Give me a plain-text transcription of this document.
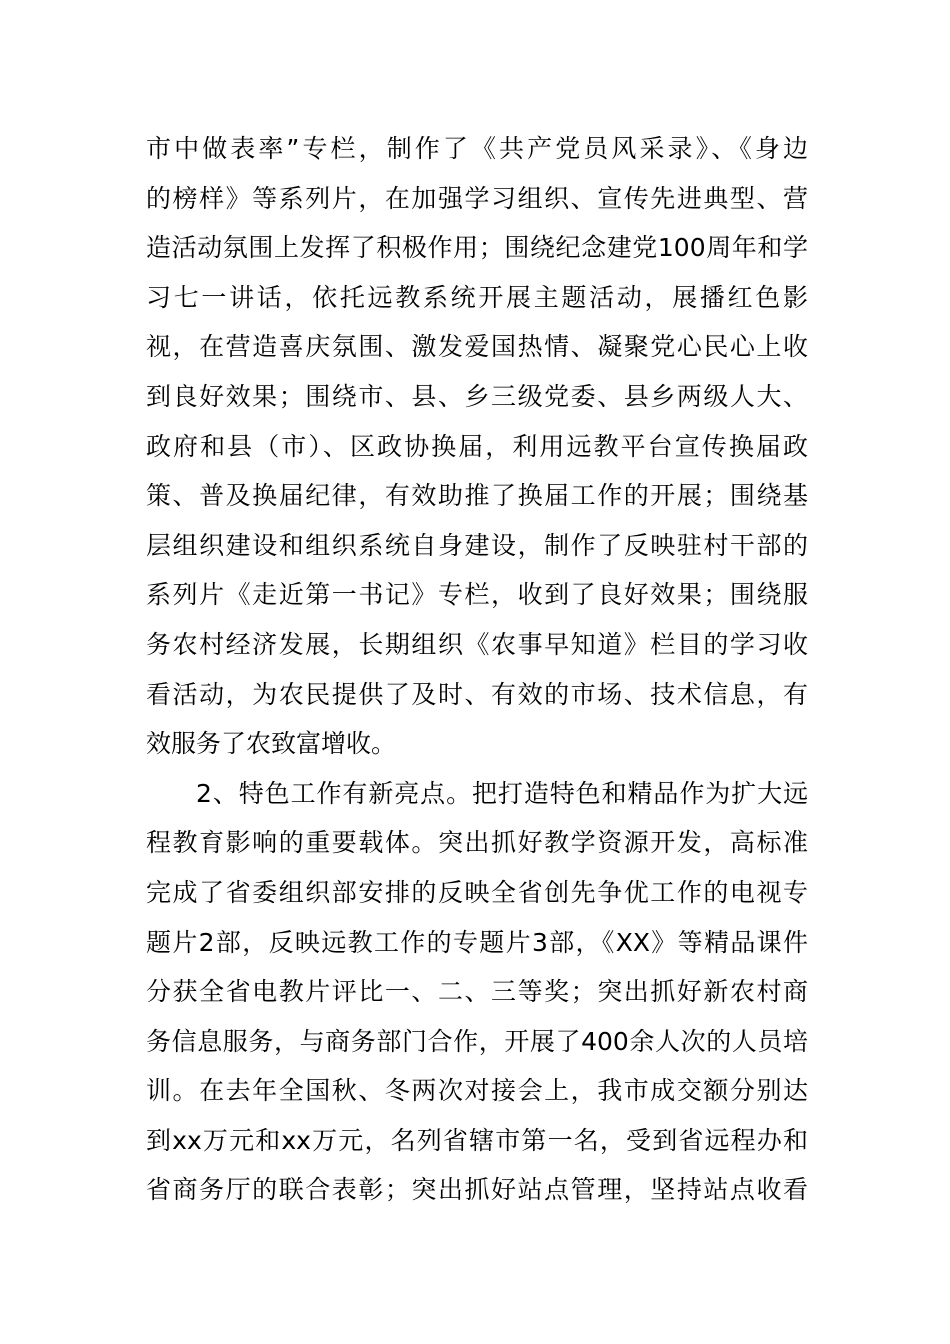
市中做表率”专栏，制作了《共产党员风采录》、《身边
的榜样》等系列片，在加强学习组织、宣传先进典型、营
造活动氛围上发挥了积极作用；围绕纪念建党100周年和学
习七一讲话，依托远教系统开展主题活动，展播红色影
视，在营造喜庆氛围、激发爱国热情、凝聚党心民心上收
到良好效果；围绕市、县、乡三级党委、县乡两级人大、
政府和县（市）、区政协换届，利用远教平台宣传换届政
策、普及换届纪律，有效助推了换届工作的开展；围绕基
层组织建设和组织系统自身建设，制作了反映驻村干部的
系列片《走近第一书记》专栏，收到了良好效果；围绕服
务农村经济发展，长期组织《农事早知道》栏目的学习收
看活动，为农民提供了及时、有效的市场、技术信息，有
效服务了农致富增收。
2、特色工作有新亮点。把打造特色和精品作为扩大远
程教育影响的重要载体。突出抓好教学资源开发，高标准
完成了省委组织部安排的反映全省创先争优工作的电视专
题片2部，反映远教工作的专题片3部，《XX》等精品课件
分获全省电教片评比一、二、三等奖；突出抓好新农村商
务信息服务，与商务部门合作，开展了400余人次的人员培
训。在去年全国秋、冬两次对接会上，我市成交额分别达
到xx万元和xx万元，名列省辖市第一名，受到省远程办和
省商务厅的联合表彰；突出抓好站点管理，坚持站点收看
